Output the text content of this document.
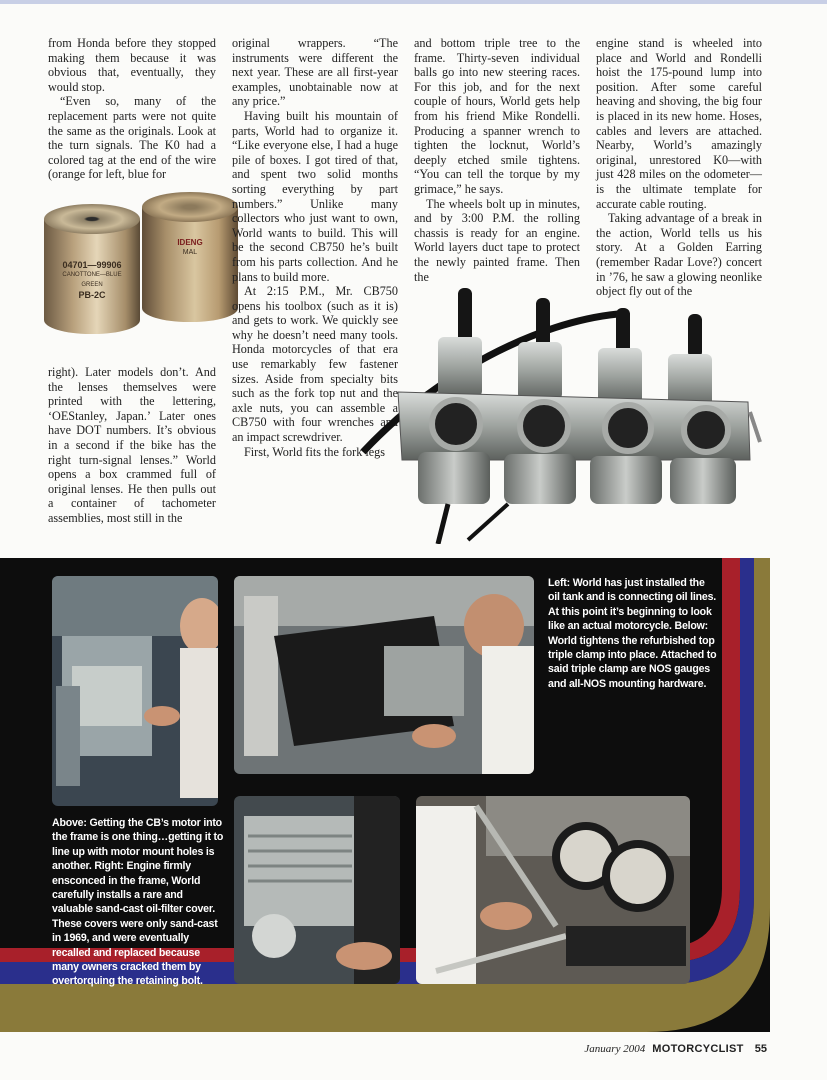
from Honda before they stopped making them because it was obvious that, eventually, they would stop.

“Even so, many of the replacement parts were not quite the same as the originals. Look at the turn signals. The K0 had a colored tag at the end of the wire (orange for left, blue for

04701—99906
CANOTTONE—BLUE GREEN
PB-2C
IDENG
MAL

right). Later models don’t. And the lenses themselves were printed with the lettering, ‘OEStanley, Japan.’ Later ones have DOT numbers. It’s obvious in a second if the bike has the right turn-signal lenses.” World opens a box crammed full of original lenses. He then pulls out a container of tachometer assemblies, most still in the

original wrappers. “The instruments were different the next year. These are all first-year examples, unobtainable now at any price.”

Having built his mountain of parts, World had to organize it. “Like everyone else, I had a huge pile of boxes. I got tired of that, and spent two solid months sorting everything by part numbers.” Unlike many collectors who just want to own, World wants to build. This will be the second CB750 he’s built from his parts collection. And he plans to build more.

At 2:15 P.M., Mr. CB750 opens his toolbox (such as it is) and gets to work. We quickly see why he doesn’t need many tools. Honda motorcycles of that era use remarkably few fastener sizes. Aside from specialty bits such as the fork top nut and the axle nuts, you can assemble a CB750 with four wrenches and an impact screwdriver.

First, World fits the fork legs

and bottom triple tree to the frame. Thirty-seven individual balls go into new steering races. For this job, and for the next couple of hours, World gets help from his friend Mike Rondelli. Producing a spanner wrench to tighten the locknut, World’s deeply etched smile tightens. “You can tell the torque by my grimace,” he says.

The wheels bolt up in minutes, and by 3:00 P.M. the rolling chassis is ready for an engine. World layers duct tape to protect the newly painted frame. Then the

engine stand is wheeled into place and World and Rondelli hoist the 175-pound lump into position. After some careful heaving and shoving, the big four is placed in its new home. Hoses, cables and levers are attached. Nearby, World’s amazingly original, unrestored K0—with just 428 miles on the odometer—is the ultimate template for accurate cable routing.

Taking advantage of a break in the action, World tells us his story. At a Golden Earring (remember Radar Love?) concert in ’76, he saw a glowing neonlike object fly out of the

Left: World has just installed the oil tank and is connecting oil lines. At this point it’s beginning to look like an actual motorcycle. Below: World tightens the refurbished top triple clamp into place. Attached to said triple clamp are NOS gauges and all-NOS mounting hardware.
Above: Getting the CB’s motor into the frame is one thing…getting it to line up with motor mount holes is another. Right: Engine firmly ensconced in the frame, World carefully installs a rare and valuable sand-cast oil-filter cover. These covers were only sand-cast in 1969, and were eventually recalled and replaced because many owners cracked them by overtorquing the retaining bolt.
January 2004 MOTORCYCLIST 55
